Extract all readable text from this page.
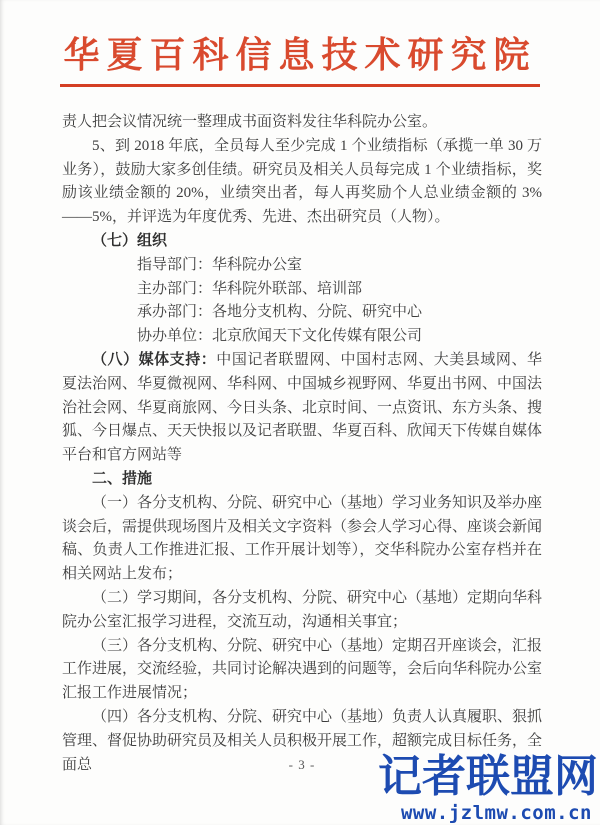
华夏百科信息技术研究院

责人把会议情况统一整理成书面资料发往华科院办公室。

5、到 2018 年底，全员每人至少完成 1 个业绩指标（承揽一单 30 万业务），鼓励大家多创佳绩。研究员及相关人员每完成 1 个业绩指标，奖励该业绩金额的 20%，业绩突出者，每人再奖励个人总业绩金额的 3%——5%，并评选为年度优秀、先进、杰出研究员（人物）。

（七）组织

指导部门：华科院办公室

主办部门：华科院外联部、培训部

承办部门：各地分支机构、分院、研究中心

协办单位：北京欣闻天下文化传媒有限公司

（八）媒体支持：中国记者联盟网、中国村志网、大美县域网、华夏法治网、华夏微视网、华科网、中国城乡视野网、华夏出书网、中国法治社会网、华夏商旅网、今日头条、北京时间、一点资讯、东方头条、搜狐、今日爆点、天天快报以及记者联盟、华夏百科、欣闻天下传媒自媒体平台和官方网站等

二、措施

（一）各分支机构、分院、研究中心（基地）学习业务知识及举办座谈会后，需提供现场图片及相关文字资料（参会人学习心得、座谈会新闻稿、负责人工作推进汇报、工作开展计划等），交华科院办公室存档并在相关网站上发布；

（二）学习期间，各分支机构、分院、研究中心（基地）定期向华科院办公室汇报学习进程，交流互动，沟通相关事宜；

（三）各分支机构、分院、研究中心（基地）定期召开座谈会，汇报工作进展，交流经验，共同讨论解决遇到的问题等，会后向华科院办公室汇报工作进展情况；

（四）各分支机构、分院、研究中心（基地）负责人认真履职、狠抓管理、督促协助研究员及相关人员积极开展工作，超额完成目标任务，全面总	- 3 -	记者联盟网
www.jzlmw.com.cn
